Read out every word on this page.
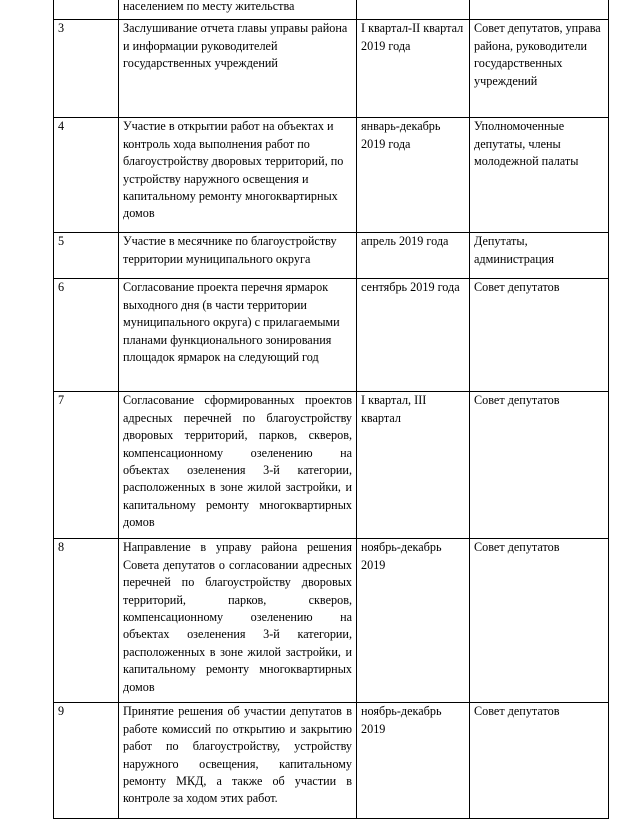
	населением по месту жительства		
3	Заслушивание отчета главы управы района и информации руководителей государственных учреждений	I квартал-II квартал 2019 года	Совет депутатов, управа района, руководители государственных учреждений
4	Участие в открытии работ на объектах и контроль хода выполнения работ по благоустройству дворовых территорий, по устройству наружного освещения и капитальному ремонту многоквартирных домов	январь-декабрь 2019 года	Уполномоченные депутаты, члены молодежной палаты
5	Участие в месячнике по благоустройству территории муниципального округа	апрель 2019 года	Депутаты, администрация
6	Согласование проекта перечня ярмарок выходного дня (в части территории муниципального округа) с прилагаемыми планами функционального зонирования площадок ярмарок на следующий год	сентябрь 2019 года	Совет депутатов
7	Согласование сформированных проектов адресных перечней по благоустройству дворовых территорий, парков, скверов, компенсационному озеленению на объектах озеленения 3-й категории, расположенных в зоне жилой застройки, и капитальному ремонту многоквартирных домов	I квартал, III квартал	Совет депутатов
8	Направление в управу района решения Совета депутатов о согласовании адресных перечней по благоустройству дворовых территорий, парков, скверов, компенсационному озеленению на объектах озеленения 3-й категории, расположенных в зоне жилой застройки, и капитальному ремонту многоквартирных домов	ноябрь-декабрь 2019	Совет депутатов
9	Принятие решения об участии депутатов в работе комиссий по открытию и закрытию работ по благоустройству, устройству наружного освещения, капитальному ремонту МКД, а также об участии в контроле за ходом этих работ.	ноябрь-декабрь 2019	Совет депутатов
